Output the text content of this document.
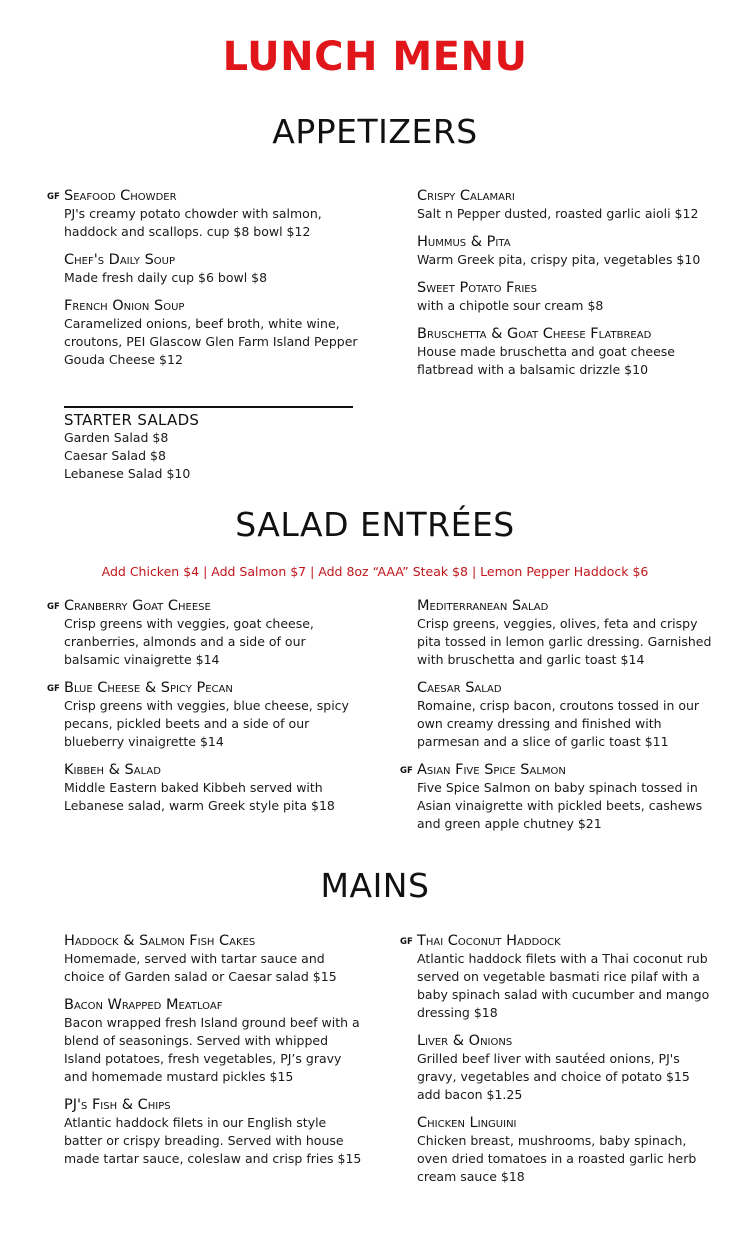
LUNCH MENU
APPETIZERS
GF Seafood Chowder
PJ's creamy potato chowder with salmon, haddock and scallops. cup $8 bowl $12
Chef's Daily Soup
Made fresh daily cup $6 bowl $8
French Onion Soup
Caramelized onions, beef broth, white wine, croutons, PEI Glascow Glen Farm Island Pepper Gouda Cheese $12
Crispy Calamari
Salt n Pepper dusted, roasted garlic aioli $12
Hummus & Pita
Warm Greek pita, crispy pita, vegetables $10
Sweet Potato Fries
with a chipotle sour cream $8
Bruschetta & Goat Cheese Flatbread
House made bruschetta and goat cheese flatbread with a balsamic drizzle $10
STARTER SALADS
Garden Salad $8
Caesar Salad $8
Lebanese Salad $10
SALAD ENTRÉES
Add Chicken $4 | Add Salmon $7 | Add 8oz “AAA” Steak $8 | Lemon Pepper Haddock $6
GF Cranberry Goat Cheese
Crisp greens with veggies, goat cheese, cranberries, almonds and a side of our balsamic vinaigrette $14
GF Blue Cheese & Spicy Pecan
Crisp greens with veggies, blue cheese, spicy pecans, pickled beets and a side of our blueberry vinaigrette $14
Kibbeh & Salad
Middle Eastern baked Kibbeh served with Lebanese salad, warm Greek style pita $18
Mediterranean Salad
Crisp greens, veggies, olives, feta and crispy pita tossed in lemon garlic dressing. Garnished with bruschetta and garlic toast $14
Caesar Salad
Romaine, crisp bacon, croutons tossed in our own creamy dressing and finished with parmesan and a slice of garlic toast $11
GF Asian Five Spice Salmon
Five Spice Salmon on baby spinach tossed in Asian vinaigrette with pickled beets, cashews and green apple chutney $21
MAINS
Haddock & Salmon Fish Cakes
Homemade, served with tartar sauce and choice of Garden salad or Caesar salad $15
Bacon Wrapped Meatloaf
Bacon wrapped fresh Island ground beef with a blend of seasonings. Served with whipped Island potatoes, fresh vegetables, PJ’s gravy and homemade mustard pickles $15
PJ's Fish & Chips
Atlantic haddock filets in our English style batter or crispy breading. Served with house made tartar sauce, coleslaw and crisp fries $15
GF Thai Coconut Haddock
Atlantic haddock filets with a Thai coconut rub served on vegetable basmati rice pilaf with a baby spinach salad with cucumber and mango dressing $18
Liver & Onions
Grilled beef liver with sautéed onions, PJ's gravy, vegetables and choice of potato $15 add bacon $1.25
Chicken Linguini
Chicken breast, mushrooms, baby spinach, oven dried tomatoes in a roasted garlic herb cream sauce $18
